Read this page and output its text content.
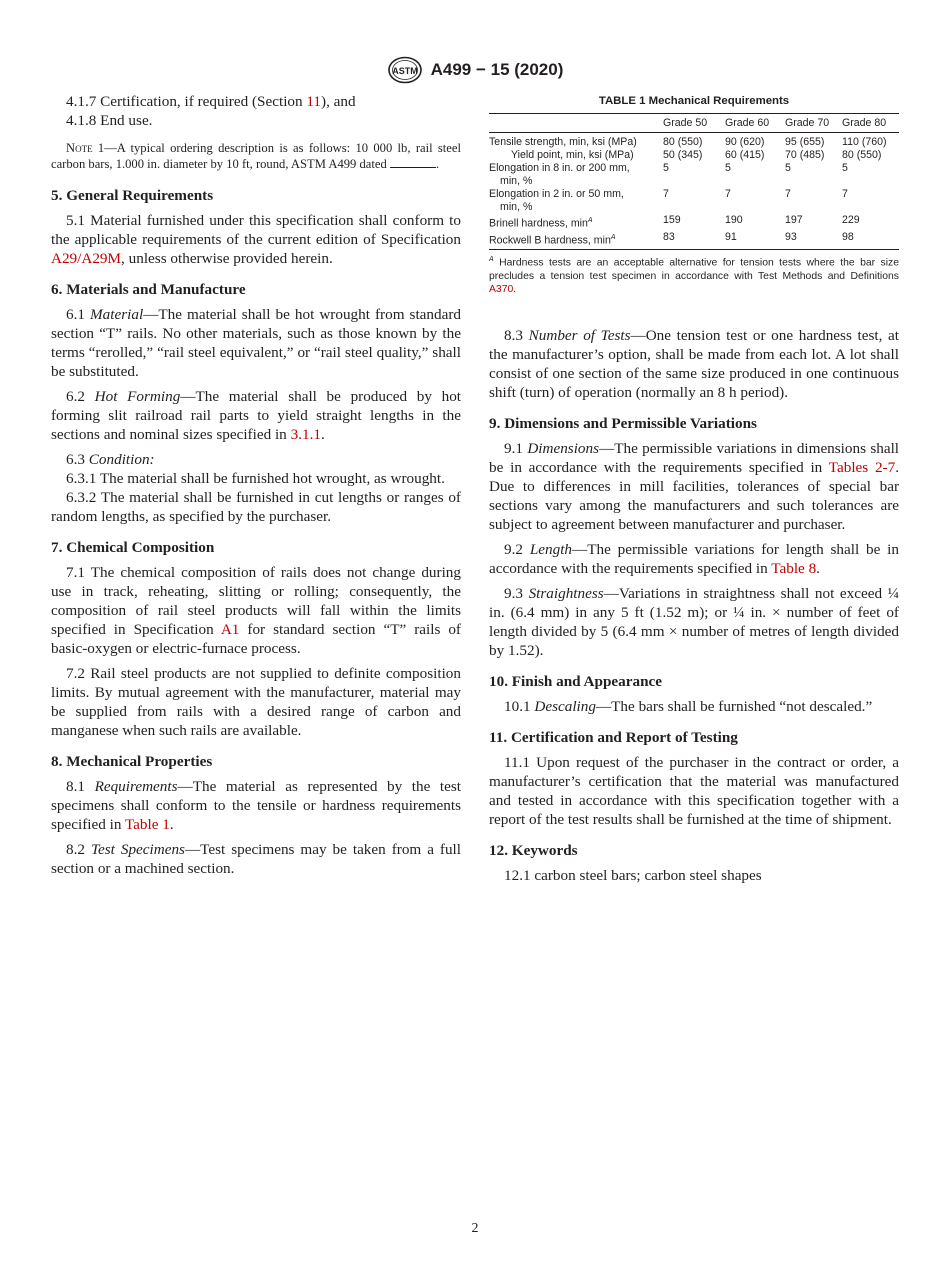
ASTM A499 − 15 (2020)

4.1.7 Certification, if required (Section 11), and

4.1.8 End use.

Note 1—A typical ordering description is as follows: 10 000 lb, rail steel carbon bars, 1.000 in. diameter by 10 ft, round, ASTM A499 dated	.

5. General Requirements

5.1 Material furnished under this specification shall conform to the applicable requirements of the current edition of Specification A29/A29M, unless otherwise provided herein.

6. Materials and Manufacture

6.1 Material—The material shall be hot wrought from standard section “T” rails. No other materials, such as those known by the terms “rerolled,” “rail steel equivalent,” or “rail steel quality,” shall be substituted.

6.2 Hot Forming—The material shall be produced by hot forming slit railroad rail parts to yield straight lengths in the sections and nominal sizes specified in 3.1.1.

6.3 Condition:

6.3.1 The material shall be furnished hot wrought, as wrought.

6.3.2 The material shall be furnished in cut lengths or ranges of random lengths, as specified by the purchaser.

7. Chemical Composition

7.1 The chemical composition of rails does not change during use in track, reheating, slitting or rolling; consequently, the composition of rail steel products will fall within the limits specified in Specification A1 for standard section “T” rails of basic-oxygen or electric-furnace process.

7.2 Rail steel products are not supplied to definite composition limits. By mutual agreement with the manufacturer, material may be supplied from rails with a desired range of carbon and manganese when such rails are available.

8. Mechanical Properties

8.1 Requirements—The material as represented by the test specimens shall conform to the tensile or hardness requirements specified in Table 1.

8.2 Test Specimens—Test specimens may be taken from a full section or a machined section.

TABLE 1 Mechanical Requirements
	Grade 50	Grade 60	Grade 70	Grade 80
Tensile strength, min, ksi (MPa)	80 (550)	90 (620)	95 (655)	110 (760)
Yield point, min, ksi (MPa)	50 (345)	60 (415)	70 (485)	80 (550)

Elongation in 8 in. or 200 mm,
min, %	5	5	5	5

Elongation in 2 in. or 50 mm,
min, %	7	7	7	7
Brinell hardness, $\min^A$	159	190	197	229
Rockwell B hardness, $\min^A$	83	91	93	98
$^A$ Hardness tests are an acceptable alternative for tension tests where the bar size precludes a tension test specimen in accordance with Test Methods and Definitions A370.

8.3 Number of Tests—One tension test or one hardness test, at the manufacturer’s option, shall be made from each lot. A lot shall consist of one section of the same size produced in one continuous shift (turn) of operation (normally an 8 h period).

9. Dimensions and Permissible Variations

9.1 Dimensions—The permissible variations in dimensions shall be in accordance with the requirements specified in Tables 2-7. Due to differences in mill facilities, tolerances of special bar sections vary among the manufacturers and such tolerances are subject to agreement between manufacturer and purchaser.

9.2 Length—The permissible variations for length shall be in accordance with the requirements specified in Table 8.

9.3 Straightness—Variations in straightness shall not exceed ¼ in. (6.4 mm) in any 5 ft (1.52 m); or ¼ in. × number of feet of length divided by 5 (6.4 mm × number of metres of length divided by 1.52).

10. Finish and Appearance

10.1 Descaling—The bars shall be furnished “not descaled.”

11. Certification and Report of Testing

11.1 Upon request of the purchaser in the contract or order, a manufacturer’s certification that the material was manufactured and tested in accordance with this specification together with a report of the test results shall be furnished at the time of shipment.

12. Keywords

12.1 carbon steel bars; carbon steel shapes

2
